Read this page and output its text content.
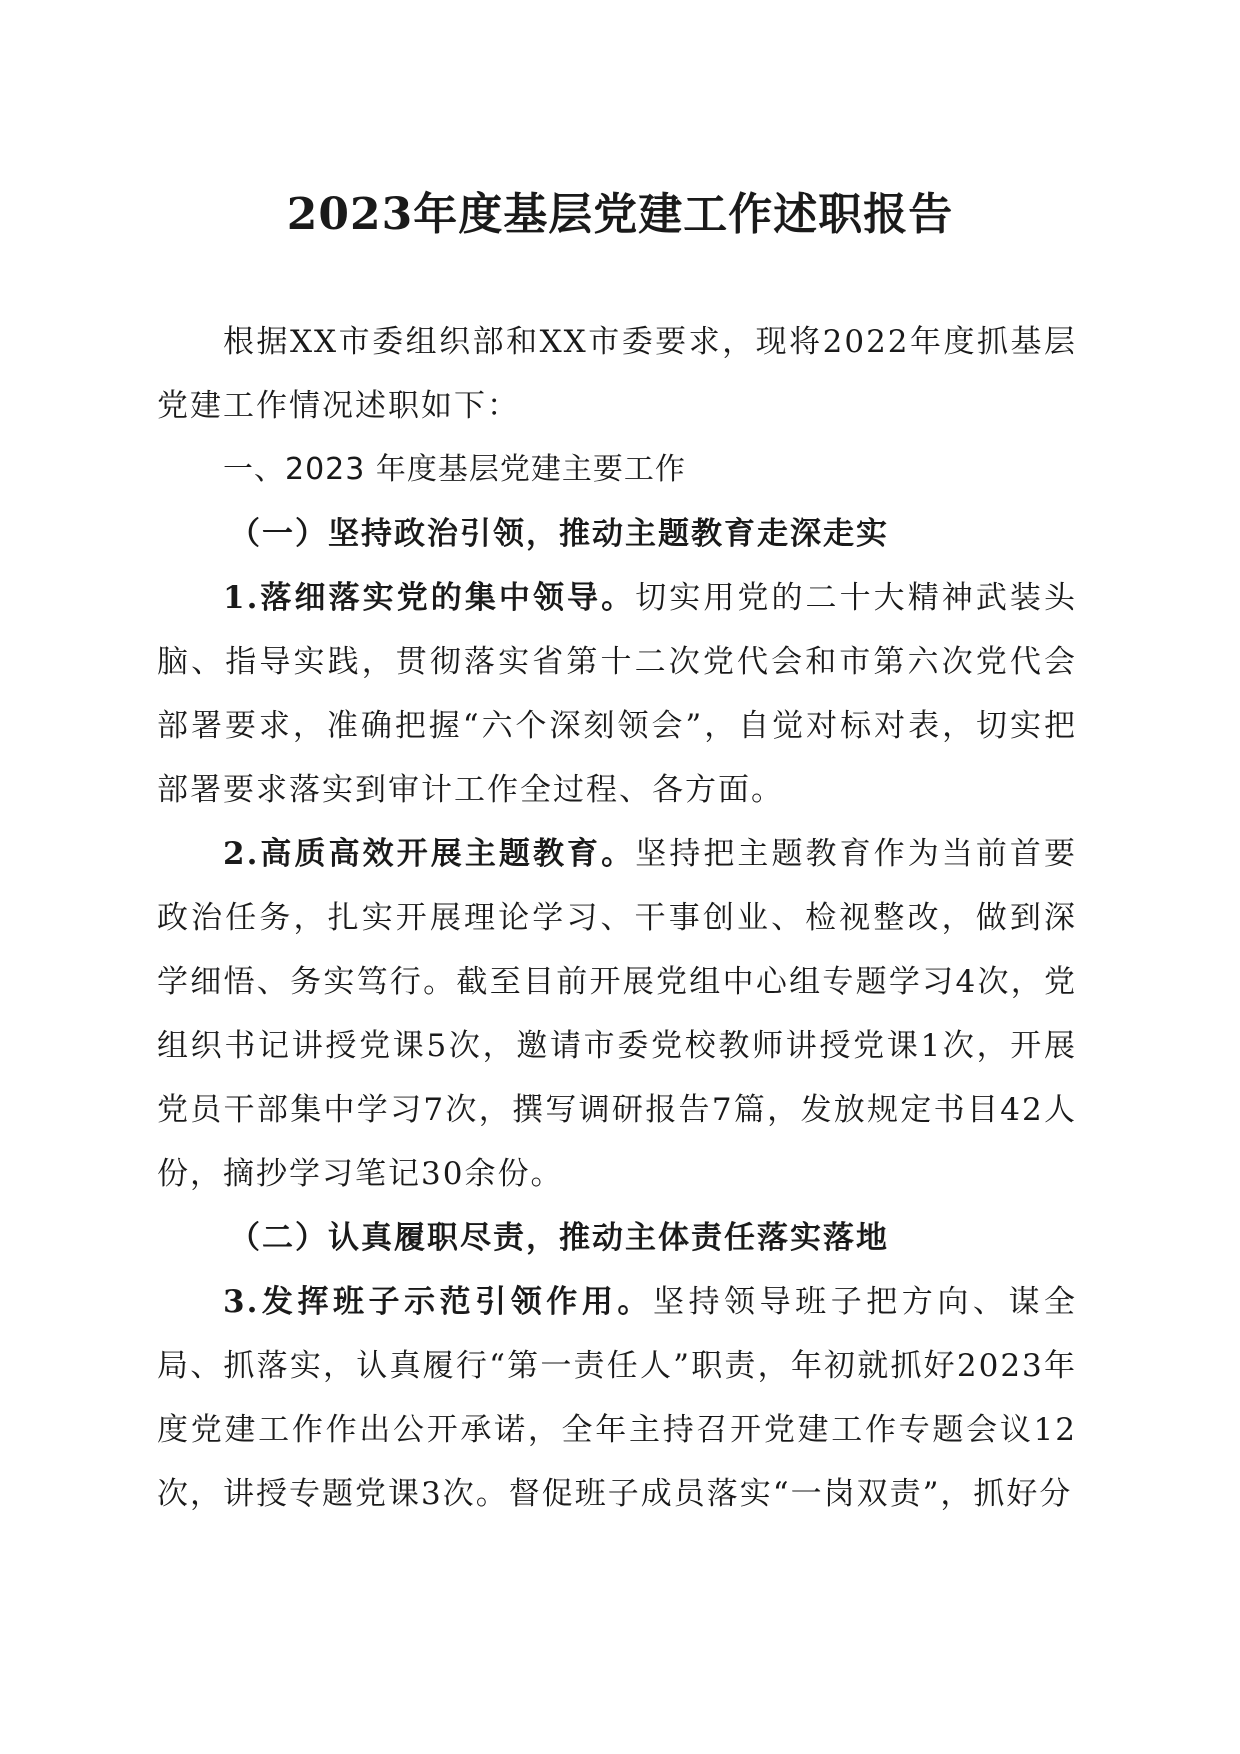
2023年度基层党建工作述职报告

根据XX市委组织部和XX市委要求，现将2022年度抓基层党建工作情况述职如下：

一、2023 年度基层党建主要工作

（一）坚持政治引领，推动主题教育走深走实

1.落细落实党的集中领导。切实用党的二十大精神武装头脑、指导实践，贯彻落实省第十二次党代会和市第六次党代会部署要求，准确把握“六个深刻领会”，自觉对标对表，切实把部署要求落实到审计工作全过程、各方面。

2.高质高效开展主题教育。坚持把主题教育作为当前首要政治任务，扎实开展理论学习、干事创业、检视整改，做到深学细悟、务实笃行。截至目前开展党组中心组专题学习4次，党组织书记讲授党课5次，邀请市委党校教师讲授党课1次，开展党员干部集中学习7次，撰写调研报告7篇，发放规定书目42人份，摘抄学习笔记30余份。

（二）认真履职尽责，推动主体责任落实落地

3.发挥班子示范引领作用。坚持领导班子把方向、谋全局、抓落实，认真履行“第一责任人”职责，年初就抓好2023年度党建工作作出公开承诺，全年主持召开党建工作专题会议12次，讲授专题党课3次。督促班子成员落实“一岗双责”，抓好分
